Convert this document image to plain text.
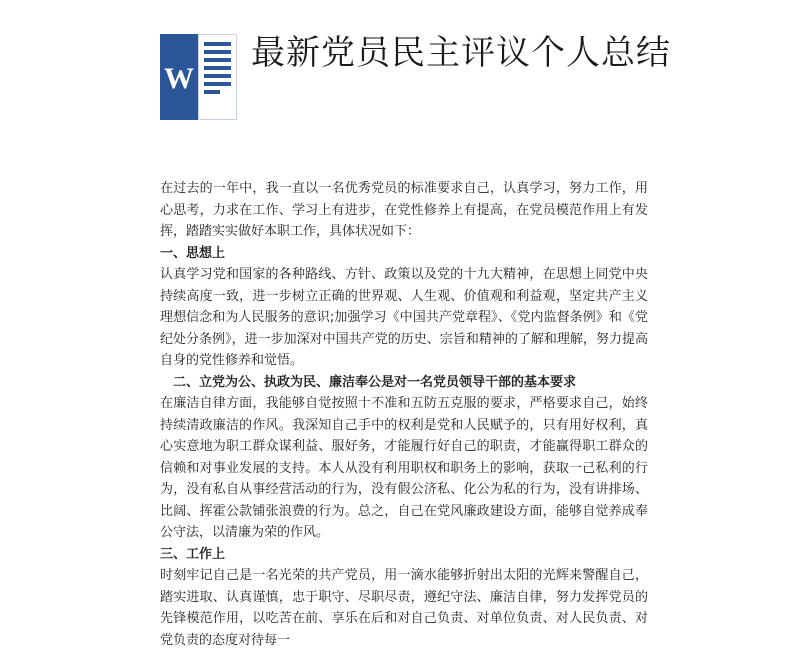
W
最新党员民主评议个人总结

在过去的一年中，我一直以一名优秀党员的标准要求自己，认真学习，努力工作，用心思考，力求在工作、学习上有进步，在党性修养上有提高，在党员模范作用上有发挥，踏踏实实做好本职工作，具体状况如下：

一、思想上

认真学习党和国家的各种路线、方针、政策以及党的十九大精神，在思想上同党中央持续高度一致，进一步树立正确的世界观、人生观、价值观和利益观，坚定共产主义理想信念和为人民服务的意识;加强学习《中国共产党章程》、《党内监督条例》和《党纪处分条例》，进一步加深对中国共产党的历史、宗旨和精神的了解和理解，努力提高自身的党性修养和觉悟。

二、立党为公、执政为民、廉洁奉公是对一名党员领导干部的基本要求

在廉洁自律方面，我能够自觉按照十不准和五防五克服的要求，严格要求自己，始终持续清政廉洁的作风。我深知自己手中的权利是党和人民赋予的，只有用好权利，真心实意地为职工群众谋利益、服好务，才能履行好自己的职责，才能赢得职工群众的信赖和对事业发展的支持。本人从没有利用职权和职务上的影响，获取一己私利的行为，没有私自从事经营活动的行为，没有假公济私、化公为私的行为，没有讲排场、比阔、挥霍公款铺张浪费的行为。总之，自己在党风廉政建设方面，能够自觉养成奉公守法，以清廉为荣的作风。

三、工作上

时刻牢记自己是一名光荣的共产党员，用一滴水能够折射出太阳的光辉来警醒自己，踏实进取、认真谨慎，忠于职守、尽职尽责，遵纪守法、廉洁自律，努力发挥党员的先锋模范作用，以吃苦在前、享乐在后和对自己负责、对单位负责、对人民负责、对党负责的态度对待每一
